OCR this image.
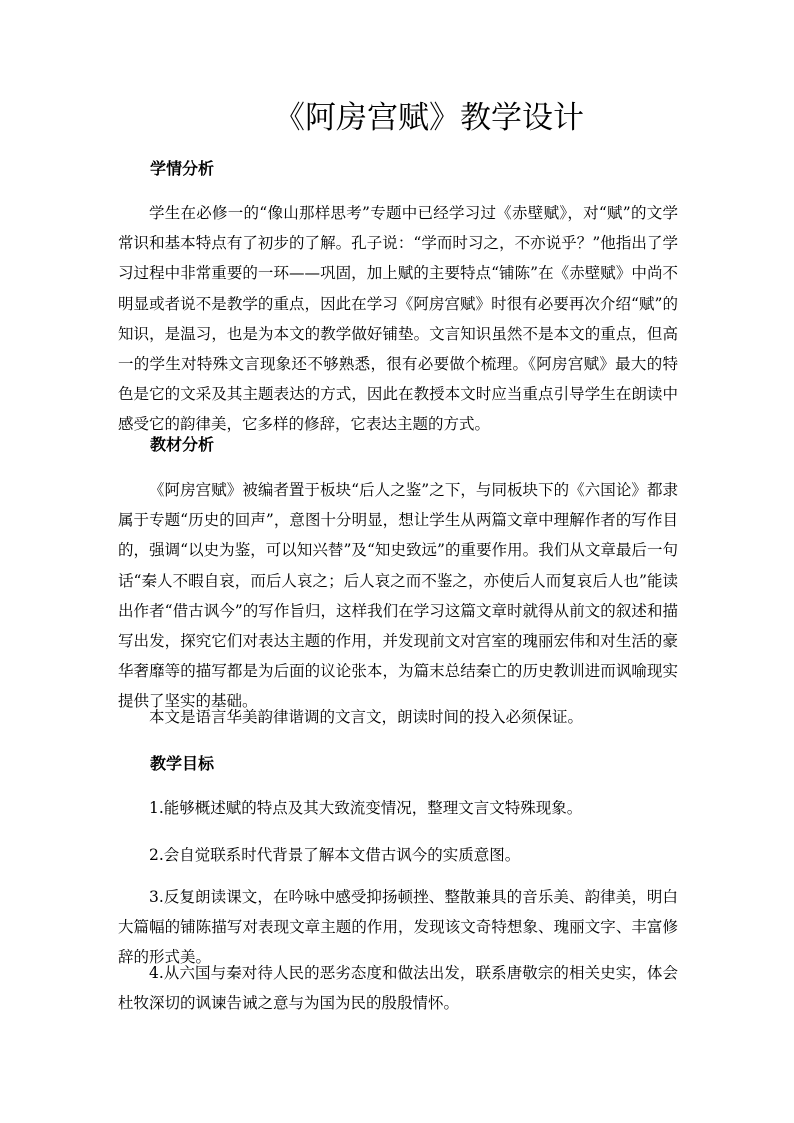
《阿房宫赋》教学设计
学情分析

学生在必修一的“像山那样思考”专题中已经学习过《赤壁赋》，对“赋”的文学常识和基本特点有了初步的了解。孔子说：“学而时习之，不亦说乎？”他指出了学习过程中非常重要的一环——巩固，加上赋的主要特点“铺陈”在《赤壁赋》中尚不明显或者说不是教学的重点，因此在学习《阿房宫赋》时很有必要再次介绍“赋”的知识，是温习，也是为本文的教学做好铺垫。文言知识虽然不是本文的重点，但高一的学生对特殊文言现象还不够熟悉，很有必要做个梳理。《阿房宫赋》最大的特色是它的文采及其主题表达的方式，因此在教授本文时应当重点引导学生在朗读中感受它的韵律美，它多样的修辞，它表达主题的方式。

教材分析

《阿房宫赋》被编者置于板块“后人之鉴”之下，与同板块下的《六国论》都隶属于专题“历史的回声”，意图十分明显，想让学生从两篇文章中理解作者的写作目的，强调“以史为鉴，可以知兴替”及“知史致远”的重要作用。我们从文章最后一句话“秦人不暇自哀，而后人哀之；后人哀之而不鉴之，亦使后人而复哀后人也”能读出作者“借古讽今”的写作旨归，这样我们在学习这篇文章时就得从前文的叙述和描写出发，探究它们对表达主题的作用，并发现前文对宫室的瑰丽宏伟和对生活的豪华奢靡等的描写都是为后面的议论张本，为篇末总结秦亡的历史教训进而讽喻现实提供了坚实的基础。

本文是语言华美韵律谐调的文言文，朗读时间的投入必须保证。

教学目标

1.能够概述赋的特点及其大致流变情况，整理文言文特殊现象。

2.会自觉联系时代背景了解本文借古讽今的实质意图。

3.反复朗读课文，在吟咏中感受抑扬顿挫、整散兼具的音乐美、韵律美，明白大篇幅的铺陈描写对表现文章主题的作用，发现该文奇特想象、瑰丽文字、丰富修辞的形式美。

4.从六国与秦对待人民的恶劣态度和做法出发，联系唐敬宗的相关史实，体会杜牧深切的讽谏告诫之意与为国为民的殷殷情怀。
